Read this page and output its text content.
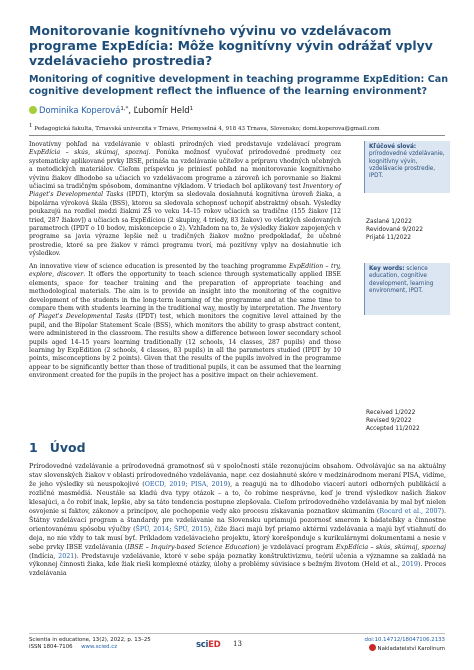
Monitorovanie kognitívneho vývinu vo vzdelávacom programe ExpEdícia: Môže kognitívny vývin odrážať vplyv vzdelávacieho prostredia?
Monitoring of cognitive development in teaching programme ExpEdition: Can cognitive development reflect the influence of the learning environment?
Dominika Koperová$^{1,*}$, Ľubomír Held$^1$
1 Pedagogická fakulta, Trnavská univerzita v Trnave, Priemyselná 4, 918 43 Trnava, Slovensko; domi.koperova@gmail.com
Inovatívny pohľad na vzdelávanie v oblasti prírodných vied predstavuje vzdelávací program ExpEdícia – skús, skúmaj, spoznaj. Ponúka možnosť vyučovať prírodovedné predmety cez systematicky aplikované prvky IBSE, prináša na vzdelávanie učiteľov a prípravu vhodných učebných a metodických materiálov. Cieľom príspevku je priniesť pohľad na monitorovanie kognitívneho vývinu žiakov dlhodobo sa učiacich vo vzdelávacom programe a zároveň ich porovnanie so žiakmi učiacimi sa tradičným spôsobom, dominantne výkladom. V triedach bol aplikovaný test Inventory of Piaget's Developmental Tasks (IPDT), ktorým sa sledovala dosiahnutá kognitívna úroveň žiaka, a bipolárna výroková škála (BSS), ktorou sa sledovala schopnosť uchopiť abstraktný obsah. Výsledky poukazujú na rozdiel medzi žiakmi ZŠ vo veku 14–15 rokov učiacich sa tradične (155 žiakov [12 tried, 287 žiakov]) a učiacich sa ExpEdíciou (2 skupiny, 4 triedy, 83 žiakov) vo všetkých sledovaných parametroch (IPDT o 10 bodov, miskoncepcie o 2). Vzhľadom na to, že výsledky žiakov zapojených v programe sa javia výrazne lepšie než u tradičných žiakov možno predpokladať, že učebné prostredie, ktoré sa pre žiakov v rámci programu tvorí, má pozitívny vplyv na dosiahnutie ich výsledkov.
Kľúčové slová: prírodovedné vzdelávanie, kognitívny vývin, vzdelávacie prostredie, IPDT.
Zaslané 1/2022
Revidované 9/2022
Prijaté 11/2022
An innovative view of science education is presented by the teaching programme ExpEdition – try, explore, discover. It offers the opportunity to teach science through systematically applied IBSE elements, space for teacher training and the preparation of appropriate teaching and methodological materials. The aim is to provide an insight into the monitoring of the cognitive development of the students in the long-term learning of the programme and at the same time to compare them with students learning in the traditional way, mostly by interpretation. The Inventory of Piaget's Developmental Tasks (IPDT) test, which monitors the cognitive level attained by the pupil, and the Bipolar Statement Scale (BSS), which monitors the ability to grasp abstract content, were administered in the classroom. The results show a difference between lower secondary school pupils aged 14–15 years learning traditionally (12 schools, 14 classes, 287 pupils) and those learning by ExpEdition (2 schools, 4 classes, 83 pupils) in all the parameters studied (IPDT by 10 points, misconceptions by 2 points). Given that the results of the pupils involved in the programme appear to be significantly better than those of traditional pupils, it can be assumed that the learning environment created for the pupils in the project has a positive impact on their achievement.
Key words: science education, cognitive development, learning environment, IPDT.
Received 1/2022
Revised 9/2022
Accepted 11/2022
1 Úvod
Prírodovedné vzdelávanie a prírodovedná gramotnosť sú v spoločnosti stále rezonujúcim obsahom. Odvolávajúc sa na aktuálny stav slovenských žiakov v oblasti prírodovedného vzdelávania, napr. cez dosiahnuté skóre v medzinárodnom meraní PISA, vidíme, že jeho výsledky sú neuspokojivé (OECD, 2019; PISA, 2019), a reagujú na to dlhodobo viacerí autori odborných publikácií a rozličné masmédiá. Neustále sa kladú dva typy otázok – a to, čo robíme nesprávne, keď je trend výsledkov našich žiakov klesajúci, a čo robiť inak, lepšie, aby sa táto tendencia postupne zlepšovala. Cieľom prírodovedného vzdelávania by mal byť nielen osvojenie si faktov, zákonov a princípov, ale pochopenie vedy ako procesu získavania poznatkov skúmaním (Rocard et al., 2007). Štátny vzdelávací program a štandardy pre vzdelávanie na Slovensku upriamujú pozornosť smerom k bádateľsky a činnostne orientovanému spôsobu výučby (ŠPÚ, 2014; ŠPÚ, 2015), čiže žiaci majú byť priamo aktérmi vzdelávania a majú byť vtiahnutí do deja, no nie vždy to tak musí byť. Príkladom vzdelávacieho projektu, ktorý korešponduje s kurikulárnymi dokumentami a nesie v sebe prvky IBSE vzdelávania (IBSE – Inquiry-based Science Education) je vzdelávací program ExpEdícia – skús, skúmaj, spoznaj (Indícia, 2021). Predstavuje vzdelávanie, ktoré v sebe spája poznatky konštruktivizmu, teórií učenia a významne sa zakladá na výkonnej činnosti žiaka, kde žiak rieši komplexné otázky, úlohy a problémy súvisiace s bežným životom (Held et al., 2019). Proces vzdelávania
Scientia in educatione, 13(2), 2022, p. 13–25
ISSN 1804-7106 www.scied.cz	sciED 13	doi:10.14712/18047106.2133
Nakladatelství Karolinum
